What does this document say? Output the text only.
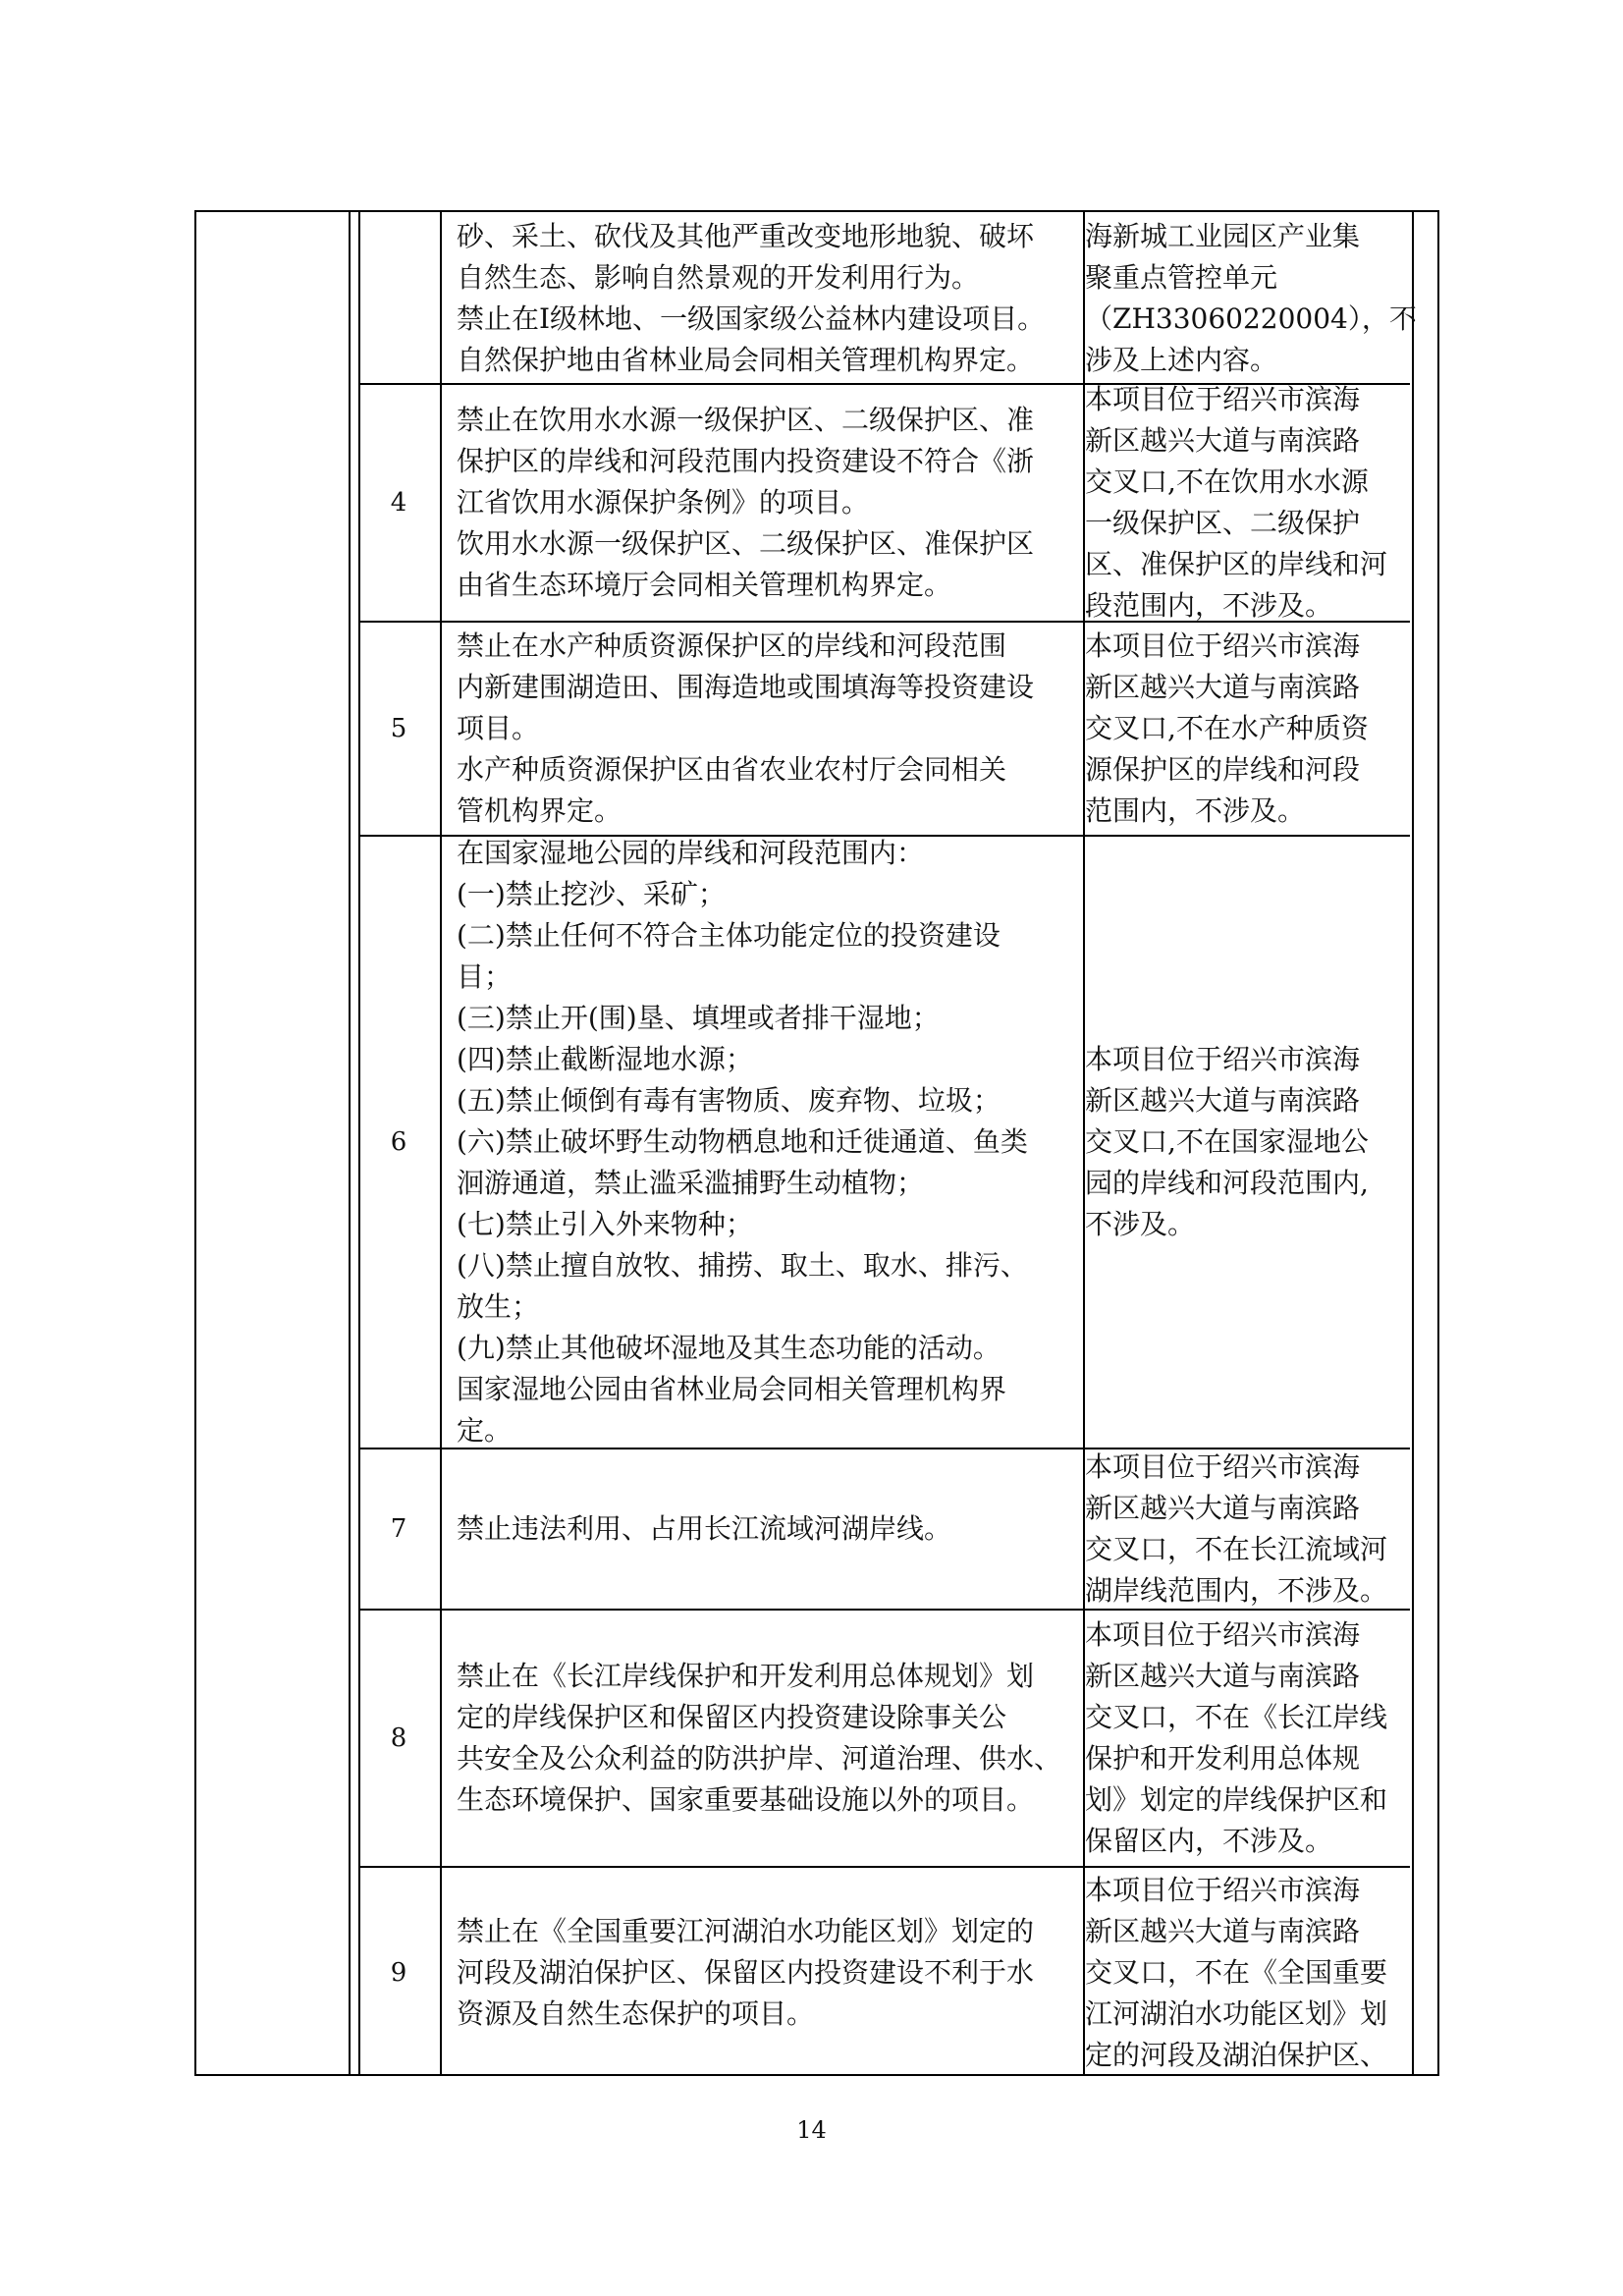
砂、采土、砍伐及其他严重改变地形地貌、破坏
自然生态、影响自然景观的开发利用行为。
禁止在I级林地、一级国家级公益林内建设项目。
自然保护地由省林业局会同相关管理机构界定。
海新城工业园区产业集
聚重点管控单元
（ZH33060220004），不
涉及上述内容。
4
禁止在饮用水水源一级保护区、二级保护区、准
保护区的岸线和河段范围内投资建设不符合《浙
江省饮用水源保护条例》的项目。
饮用水水源一级保护区、二级保护区、准保护区
由省生态环境厅会同相关管理机构界定。
本项目位于绍兴市滨海
新区越兴大道与南滨路
交叉口,不在饮用水水源
一级保护区、二级保护
区、准保护区的岸线和河
段范围内，不涉及。
5
禁止在水产种质资源保护区的岸线和河段范围
内新建围湖造田、围海造地或围填海等投资建设
项目。
水产种质资源保护区由省农业农村厅会同相关
管机构界定。
本项目位于绍兴市滨海
新区越兴大道与南滨路
交叉口,不在水产种质资
源保护区的岸线和河段
范围内，不涉及。
6
在国家湿地公园的岸线和河段范围内：
(一)禁止挖沙、采矿；
(二)禁止任何不符合主体功能定位的投资建设
目；
(三)禁止开(围)垦、填埋或者排干湿地；
(四)禁止截断湿地水源；
(五)禁止倾倒有毒有害物质、废弃物、垃圾；
(六)禁止破坏野生动物栖息地和迁徙通道、鱼类
洄游通道，禁止滥采滥捕野生动植物；
(七)禁止引入外来物种；
(八)禁止擅自放牧、捕捞、取土、取水、排污、
放生；
(九)禁止其他破坏湿地及其生态功能的活动。
国家湿地公园由省林业局会同相关管理机构界
定。
本项目位于绍兴市滨海
新区越兴大道与南滨路
交叉口,不在国家湿地公
园的岸线和河段范围内,
不涉及。
7	禁止违法利用、占用长江流域河湖岸线。
本项目位于绍兴市滨海
新区越兴大道与南滨路
交叉口，不在长江流域河
湖岸线范围内，不涉及。
8
禁止在《长江岸线保护和开发利用总体规划》划
定的岸线保护区和保留区内投资建设除事关公
共安全及公众利益的防洪护岸、河道治理、供水、
生态环境保护、国家重要基础设施以外的项目。
本项目位于绍兴市滨海
新区越兴大道与南滨路
交叉口，不在《长江岸线
保护和开发利用总体规
划》划定的岸线保护区和
保留区内，不涉及。
9
禁止在《全国重要江河湖泊水功能区划》划定的
河段及湖泊保护区、保留区内投资建设不利于水
资源及自然生态保护的项目。
本项目位于绍兴市滨海
新区越兴大道与南滨路
交叉口，不在《全国重要
江河湖泊水功能区划》划
定的河段及湖泊保护区、
14
